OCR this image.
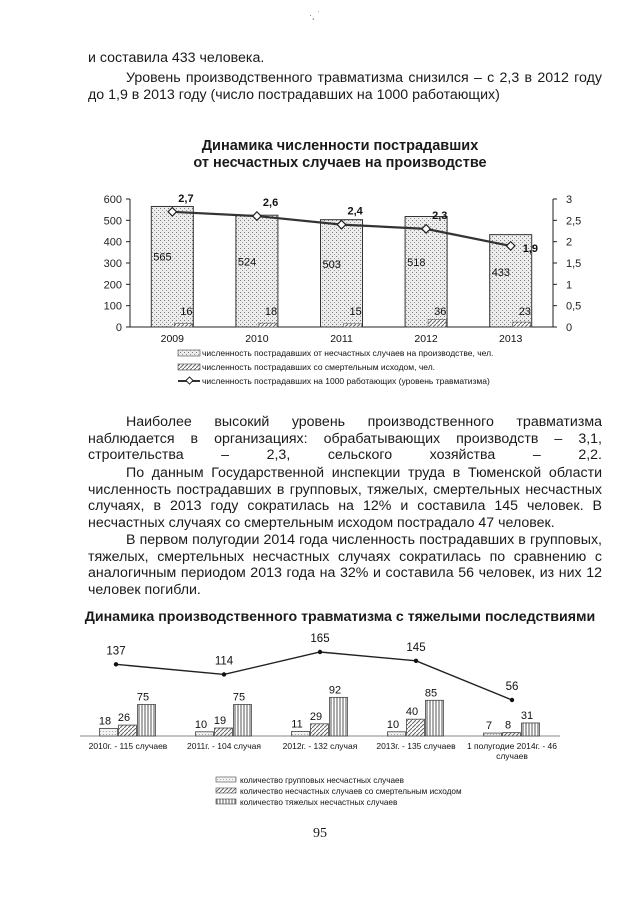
·¸ ˙

и составила 433 человека.

Уровень производственного травматизма снизился – с 2,3 в 2012 году до 1,9 в 2013 году (число пострадавших на 1000 работающих)

Динамика численности пострадавших
от несчастных случаев на производстве
0
100
200
300
400
500
600
0
0,5
1
1,5
2
2,5
3
565
16
2009
524
18
2010
503
15
2011
518
36
2012
433
23
2013
2,7	2,6
2,4	2,3
1,9
численность пострадавших от несчастных случаев на производстве, чел.
численность пострадавших со смертельным исходом, чел.
численность пострадавших на 1000 работающих (уровень травматизма)

Наиболее высокий уровень производственного травматизма наблюдается в организациях: обрабатывающих производств – 3,1, строительства – 2,3, сельского хозяйства – 2,2.

По данным Государственной инспекции труда в Тюменской области численность пострадавших в групповых, тяжелых, смертельных несчастных случаях, в 2013 году сократилась на 12% и составила 145 человек. В несчастных случаях со смертельным исходом пострадало 47 человек.

В первом полугодии 2014 года численность пострадавших в групповых, тяжелых, смертельных несчастных случаях сократилась по сравнению с аналогичным периодом 2013 года на 32% и составила 56 человек, из них 12 человек погибли.

Динамика производственного травматизма с тяжелыми последствиями
18 26
75
2010г. - 115 случаев
10 19
75
2011г. - 104 случая
11
29
92
2012г. - 132 случая
10
40
85
2013г. - 135 случаев
7 8
31
1 полугодие 2014г. - 46
случаев
137
114
165
145
56
количество групповых несчастных случаев
количество несчастных случаев со смертельным исходом
количество тяжелых несчастных случаев
95
